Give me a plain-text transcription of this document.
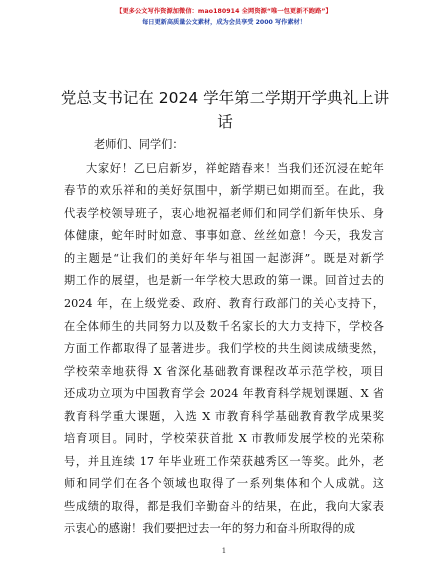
【更多公文写作资源加微信：mao180914 全网资源“唯一包更新不跑路”】
每日更新高质量公文素材，成为会员享受 2000 写作素材！
党总支书记在 2024 学年第二学期开学典礼上讲话
老师们、同学们：
大家好！乙巳启新岁，祥蛇踏春来！当我们还沉浸在蛇年
春节的欢乐祥和的美好氛围中，新学期已如期而至。在此，我
代表学校领导班子，衷心地祝福老师们和同学们新年快乐、身
体健康，蛇年时时如意、事事如意、丝丝如意！今天，我发言
的主题是“让我们的美好年华与祖国一起澎湃”。既是对新学
期工作的展望，也是新一年学校大思政的第一课。回首过去的
2024 年，在上级党委、政府、教育行政部门的关心支持下，
在全体师生的共同努力以及数千名家长的大力支持下，学校各
方面工作都取得了显著进步。我们学校的共生阅读成绩斐然，
学校荣幸地获得 X 省深化基础教育课程改革示范学校，项目
还成功立项为中国教育学会 2024 年教育科学规划课题、X 省
教育科学重大课题，入选 X 市教育科学基础教育教学成果奖
培育项目。同时，学校荣获首批 X 市教师发展学校的光荣称
号，并且连续 17 年毕业班工作荣获越秀区一等奖。此外，老
师和同学们在各个领域也取得了一系列集体和个人成就。这
些成绩的取得，都是我们辛勤奋斗的结果，在此，我向大家表
示衷心的感谢！我们要把过去一年的努力和奋斗所取得的成
1
